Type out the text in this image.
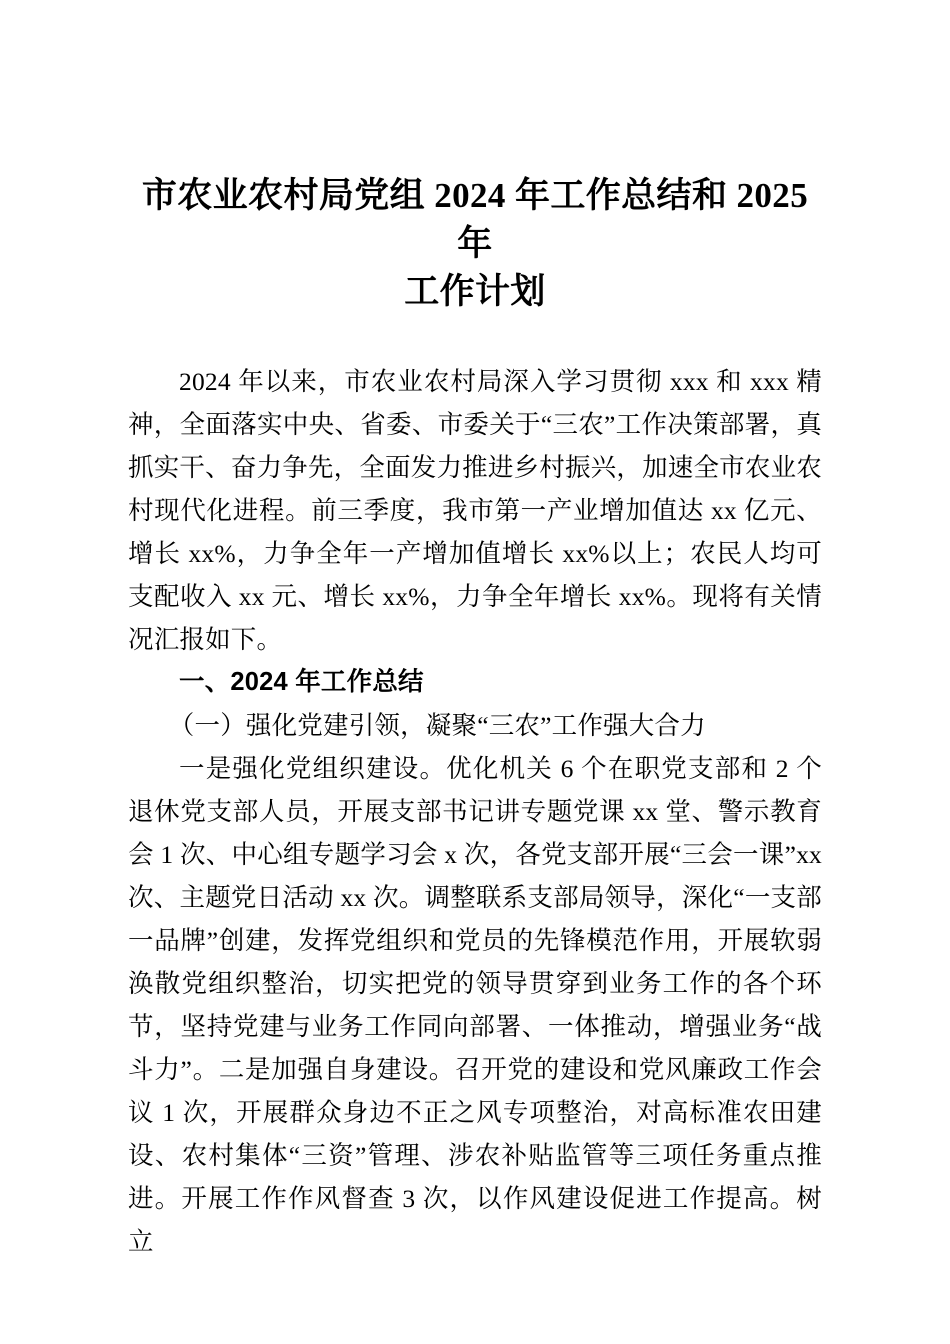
市农业农村局党组 2024 年工作总结和 2025 年
工作计划

2024 年以来，市农业农村局深入学习贯彻 xxx 和 xxx 精神，全面落实中央、省委、市委关于“三农”工作决策部署，真抓实干、奋力争先，全面发力推进乡村振兴，加速全市农业农村现代化进程。前三季度，我市第一产业增加值达 xx 亿元、增长 xx%，力争全年一产增加值增长 xx%以上；农民人均可支配收入 xx 元、增长 xx%，力争全年增长 xx%。现将有关情况汇报如下。

一、2024 年工作总结

（一）强化党建引领，凝聚“三农”工作强大合力

一是强化党组织建设。优化机关 6 个在职党支部和 2 个退休党支部人员，开展支部书记讲专题党课 xx 堂、警示教育会 1 次、中心组专题学习会 x 次，各党支部开展“三会一课”xx 次、主题党日活动 xx 次。调整联系支部局领导，深化“一支部一品牌”创建，发挥党组织和党员的先锋模范作用，开展软弱涣散党组织整治，切实把党的领导贯穿到业务工作的各个环节，坚持党建与业务工作同向部署、一体推动，增强业务“战斗力”。二是加强自身建设。召开党的建设和党风廉政工作会议 1 次，开展群众身边不正之风专项整治，对高标准农田建设、农村集体“三资”管理、涉农补贴监管等三项任务重点推进。开展工作作风督查 3 次，以作风建设促进工作提高。树立
